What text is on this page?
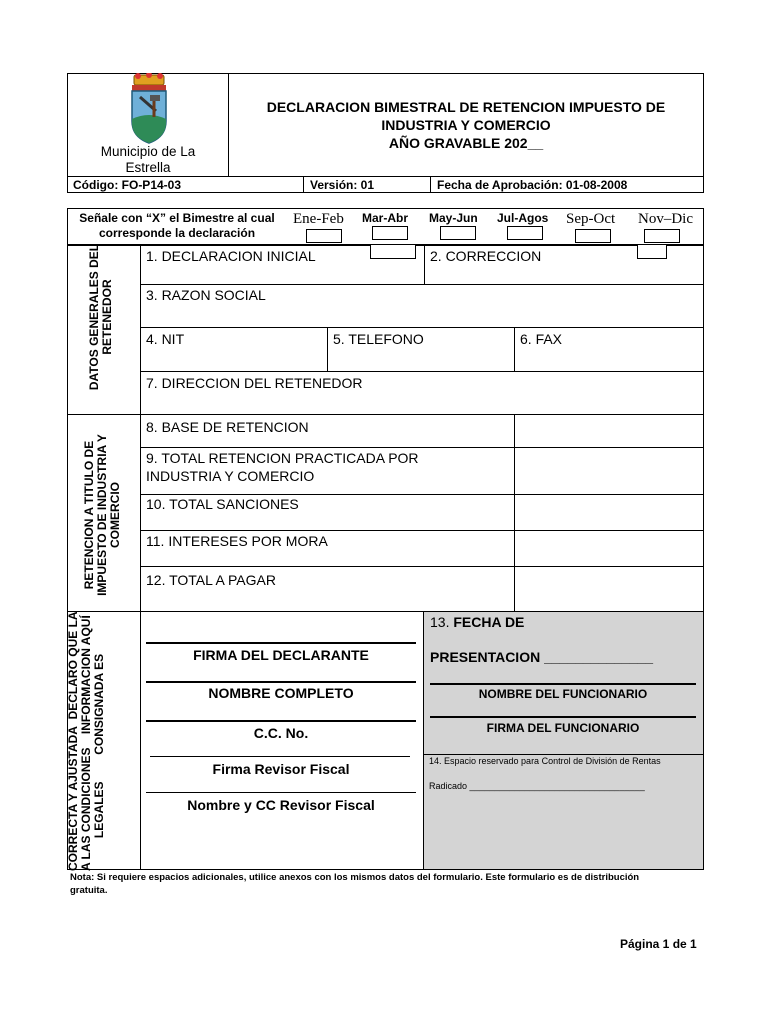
Municipio de La Estrella
DECLARACION BIMESTRAL DE RETENCION IMPUESTO DE
INDUSTRIA Y COMERCIO
AÑO GRAVABLE 202__
Código: FO-P14-03	Versión: 01	Fecha de Aprobación: 01-08-2008
Señale con “X” el Bimestre al cual corresponde la declaración
Ene-Feb Mar-Abr May-Jun Jul-Agos Sep-Oct Nov–Dic
DATOS GENERALES DEL
RETENEDOR
1. DECLARACION INICIAL	2. CORRECCION
3. RAZON SOCIAL
4. NIT	5. TELEFONO	6. FAX
7. DIRECCION DEL RETENEDOR
RETENCION A TITULO DE
IMPUESTO DE INDUSTRIA Y
COMERCIO
8. BASE DE RETENCION
9. TOTAL RETENCION PRACTICADA POR
INDUSTRIA Y COMERCIO
10. TOTAL SANCIONES
11. INTERESES POR MORA
12. TOTAL A PAGAR
CORRECTA Y AJUSTADA  DECLARO QUE LA
A LAS CONDICIONES    INFORMACION AQUÍ
LEGALES        CONSIGNADA ES	FIRMA DEL DECLARANTE
NOMBRE COMPLETO
C.C. No.
Firma Revisor Fiscal
Nombre y CC Revisor Fiscal
13. FECHA DE
PRESENTACION ______________
NOMBRE DEL FUNCIONARIO
FIRMA DEL FUNCIONARIO
14. Espacio reservado para Control de División de Rentas
Radicado ___________________________________
Nota: Si requiere espacios adicionales, utilice anexos con los mismos datos del formulario. Este formulario es de distribución
gratuita.
Página 1 de 1
